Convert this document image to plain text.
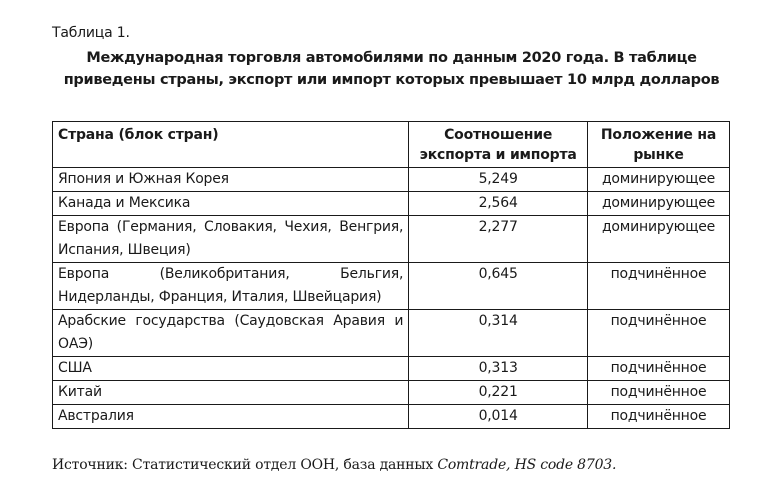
Таблица 1.
Международная торговля автомобилями по данным 2020 года. В таблице
приведены страны, экспорт или импорт которых превышает 10 млрд долларов
Страна (блок стран)	Соотношение экспорта и импорта	Положение на рынке
Япония и Южная Корея	5,249	доминирующее
Канада и Мексика	2,564	доминирующее
Европа (Германия, Словакия, Чехия, Венгрия, Испания, Швеция)	2,277	доминирующее
Европа (Великобритания, Бельгия, Нидерланды, Франция, Италия, Швейцария)	0,645	подчинённое
Арабские государства (Саудовская Аравия и ОАЭ)	0,314	подчинённое
США	0,313	подчинённое
Китай	0,221	подчинённое
Австралия	0,014	подчинённое
Источник: Статистический отдел ООН, база данных Comtrade, HS code 8703.
